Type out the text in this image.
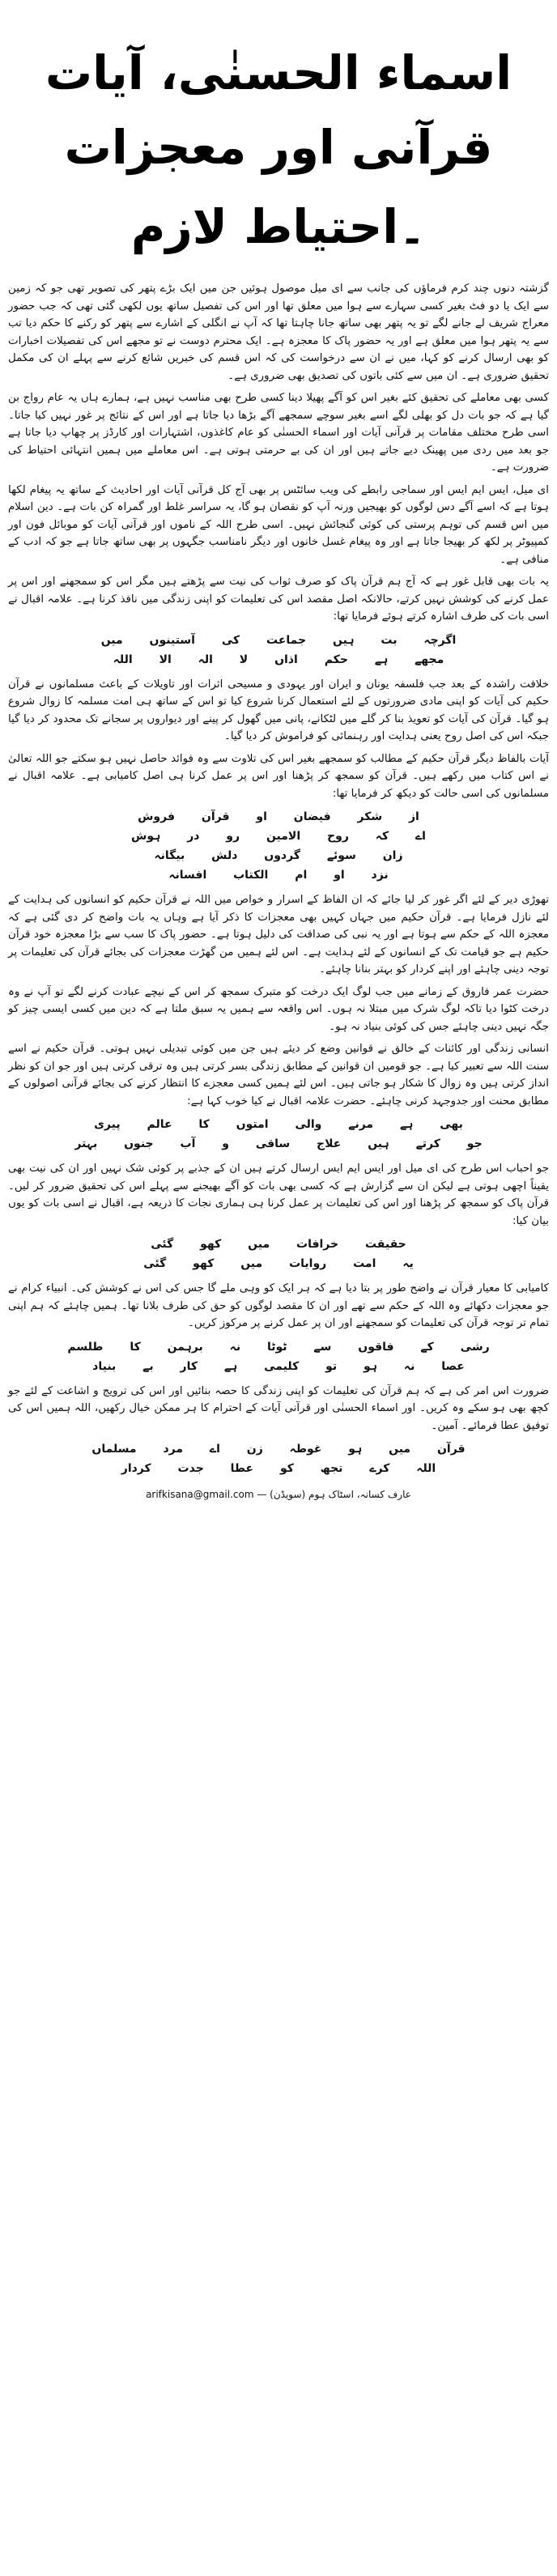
اسماء الحسنٰی، آیات قرآنی اور معجزات
۔احتیاط لازم

گزشتہ دنوں چند کرم فرماؤں کی جانب سے ای میل موصول ہوئیں جن میں ایک بڑے پتھر کی تصویر تھی جو کہ زمین سے ایک یا دو فٹ بغیر کسی سہارے سے ہوا میں معلق تھا اور اس کی تفصیل ساتھ یوں لکھی گئی تھی کہ جب حضور معراج شریف لے جانے لگے تو یہ پتھر بھی ساتھ جانا چاہتا تھا کہ آپ نے انگلی کے اشارے سے پتھر کو رکنے کا حکم دیا تب سے یہ پتھر ہوا میں معلق ہے اور یہ حضور پاک کا معجزہ ہے۔ ایک محترم دوست نے تو مجھے اس کی تفصیلات اخبارات کو بھی ارسال کرنے کو کہا، میں نے ان سے درخواست کی کہ اس قسم کی خبریں شائع کرنے سے پہلے ان کی مکمل تحقیق ضروری ہے۔ ان میں سے کئی باتوں کی تصدیق بھی ضروری ہے۔

کسی بھی معاملے کی تحقیق کئے بغیر اس کو آگے پھیلا دینا کسی طرح بھی مناسب نہیں ہے، ہمارے ہاں یہ عام رواج بن گیا ہے کہ جو بات دل کو بھلی لگے اسے بغیر سوچے سمجھے آگے بڑھا دیا جاتا ہے اور اس کے نتائج پر غور نہیں کیا جاتا۔ اسی طرح مختلف مقامات پر قرآنی آیات اور اسماء الحسنٰی کو عام کاغذوں، اشتہارات اور کارڈز پر چھاپ دیا جاتا ہے جو بعد میں ردی میں پھینک دیے جاتے ہیں اور ان کی بے حرمتی ہوتی ہے۔ اس معاملے میں ہمیں انتہائی احتیاط کی ضرورت ہے۔

ای میل، ایس ایم ایس اور سماجی رابطے کی ویب سائٹس پر بھی آج کل قرآنی آیات اور احادیث کے ساتھ یہ پیغام لکھا ہوتا ہے کہ اسے آگے دس لوگوں کو بھیجیں ورنہ آپ کو نقصان ہو گا، یہ سراسر غلط اور گمراہ کن بات ہے۔ دین اسلام میں اس قسم کی توہم پرستی کی کوئی گنجائش نہیں۔ اسی طرح اللہ کے ناموں اور قرآنی آیات کو موبائل فون اور کمپیوٹر پر لکھ کر بھیجا جاتا ہے اور وہ پیغام غسل خانوں اور دیگر نامناسب جگہوں پر بھی ساتھ جاتا ہے جو کہ ادب کے منافی ہے۔

یہ بات بھی قابل غور ہے کہ آج ہم قرآن پاک کو صرف ثواب کی نیت سے پڑھتے ہیں مگر اس کو سمجھنے اور اس پر عمل کرنے کی کوشش نہیں کرتے، حالانکہ اصل مقصد اس کی تعلیمات کو اپنی زندگی میں نافذ کرنا ہے۔ علامہ اقبال نے اسی بات کی طرف اشارہ کرتے ہوئے فرمایا تھا:

اگرچہ بت ہیں جماعت کی آستینوں میں
مجھے ہے حکم اذاں لا الہ الا اللہ

خلافت راشدہ کے بعد جب فلسفہ یونان و ایران اور یہودی و مسیحی اثرات اور تاویلات کے باعث مسلمانوں نے قرآن حکیم کی آیات کو اپنی مادی ضرورتوں کے لئے استعمال کرنا شروع کیا تو اس کے ساتھ ہی امت مسلمہ کا زوال شروع ہو گیا۔ قرآن کی آیات کو تعویذ بنا کر گلے میں لٹکانے، پانی میں گھول کر پینے اور دیواروں پر سجانے تک محدود کر دیا گیا جبکہ اس کی اصل روح یعنی ہدایت اور رہنمائی کو فراموش کر دیا گیا۔

آیات بالفاظ دیگر قرآن حکیم کے مطالب کو سمجھے بغیر اس کی تلاوت سے وہ فوائد حاصل نہیں ہو سکتے جو اللہ تعالیٰ نے اس کتاب میں رکھے ہیں۔ قرآن کو سمجھ کر پڑھنا اور اس پر عمل کرنا ہی اصل کامیابی ہے۔ علامہ اقبال نے مسلمانوں کی اسی حالت کو دیکھ کر فرمایا تھا:

از شکر فیضان او قرآن فروش
اے کہ روح الامین رو در ہوش
زان سوئے گردوں دلش بیگانہ
نزد او ام الکتاب افسانہ

تھوڑی دیر کے لئے اگر غور کر لیا جائے کہ ان الفاظ کے اسرار و خواص میں اللہ نے قرآن حکیم کو انسانوں کی ہدایت کے لئے نازل فرمایا ہے۔ قرآن حکیم میں جہاں کہیں بھی معجزات کا ذکر آیا ہے وہاں یہ بات واضح کر دی گئی ہے کہ معجزہ اللہ کے حکم سے ہوتا ہے اور یہ نبی کی صداقت کی دلیل ہوتا ہے۔ حضور پاک کا سب سے بڑا معجزہ خود قرآن حکیم ہے جو قیامت تک کے انسانوں کے لئے ہدایت ہے۔ اس لئے ہمیں من گھڑت معجزات کی بجائے قرآن کی تعلیمات پر توجہ دینی چاہئے اور اپنے کردار کو بہتر بنانا چاہئے۔

حضرت عمر فاروق کے زمانے میں جب لوگ ایک درخت کو متبرک سمجھ کر اس کے نیچے عبادت کرنے لگے تو آپ نے وہ درخت کٹوا دیا تاکہ لوگ شرک میں مبتلا نہ ہوں۔ اس واقعہ سے ہمیں یہ سبق ملتا ہے کہ دین میں کسی ایسی چیز کو جگہ نہیں دینی چاہئے جس کی کوئی بنیاد نہ ہو۔

انسانی زندگی اور کائنات کے خالق نے قوانین وضع کر دیئے ہیں جن میں کوئی تبدیلی نہیں ہوتی۔ قرآن حکیم نے اسے سنت اللہ سے تعبیر کیا ہے۔ جو قومیں ان قوانین کے مطابق زندگی بسر کرتی ہیں وہ ترقی کرتی ہیں اور جو ان کو نظر انداز کرتی ہیں وہ زوال کا شکار ہو جاتی ہیں۔ اس لئے ہمیں کسی معجزے کا انتظار کرنے کی بجائے قرآنی اصولوں کے مطابق محنت اور جدوجہد کرنی چاہئے۔ حضرت علامہ اقبال نے کیا خوب کہا ہے:

بھی ہے مرنے والی امتوں کا عالم پیری
جو کرتے ہیں علاج ساقی و آب جنوں بہتر

جو احباب اس طرح کی ای میل اور ایس ایم ایس ارسال کرتے ہیں ان کے جذبے پر کوئی شک نہیں اور ان کی نیت بھی یقیناً اچھی ہوتی ہے لیکن ان سے گزارش ہے کہ کسی بھی بات کو آگے بھیجنے سے پہلے اس کی تحقیق ضرور کر لیں۔ قرآن پاک کو سمجھ کر پڑھنا اور اس کی تعلیمات پر عمل کرنا ہی ہماری نجات کا ذریعہ ہے، اقبال نے اسی بات کو یوں بیان کیا:

حقیقت خرافات میں کھو گئی
یہ امت روایات میں کھو گئی

کامیابی کا معیار قرآن نے واضح طور پر بتا دیا ہے کہ ہر ایک کو وہی ملے گا جس کی اس نے کوشش کی۔ انبیاء کرام نے جو معجزات دکھائے وہ اللہ کے حکم سے تھے اور ان کا مقصد لوگوں کو حق کی طرف بلانا تھا۔ ہمیں چاہئے کہ ہم اپنی تمام تر توجہ قرآن کی تعلیمات کو سمجھنے اور ان پر عمل کرنے پر مرکوز کریں۔

رشی کے فاقوں سے ٹوٹا نہ برہمن کا طلسم
عصا نہ ہو تو کلیمی ہے کار بے بنیاد

ضرورت اس امر کی ہے کہ ہم قرآن کی تعلیمات کو اپنی زندگی کا حصہ بنائیں اور اس کی ترویج و اشاعت کے لئے جو کچھ بھی ہو سکے وہ کریں۔ اور اسماء الحسنٰی اور قرآنی آیات کے احترام کا ہر ممکن خیال رکھیں، اللہ ہمیں اس کی توفیق عطا فرمائے۔ آمین۔

قرآن میں ہو غوطہ زن اے مرد مسلماں
اللہ کرے تجھ کو عطا جدت کردار
عارف کسانہ، اسٹاک ہوم (سویڈن) — arifkisana@gmail.com
